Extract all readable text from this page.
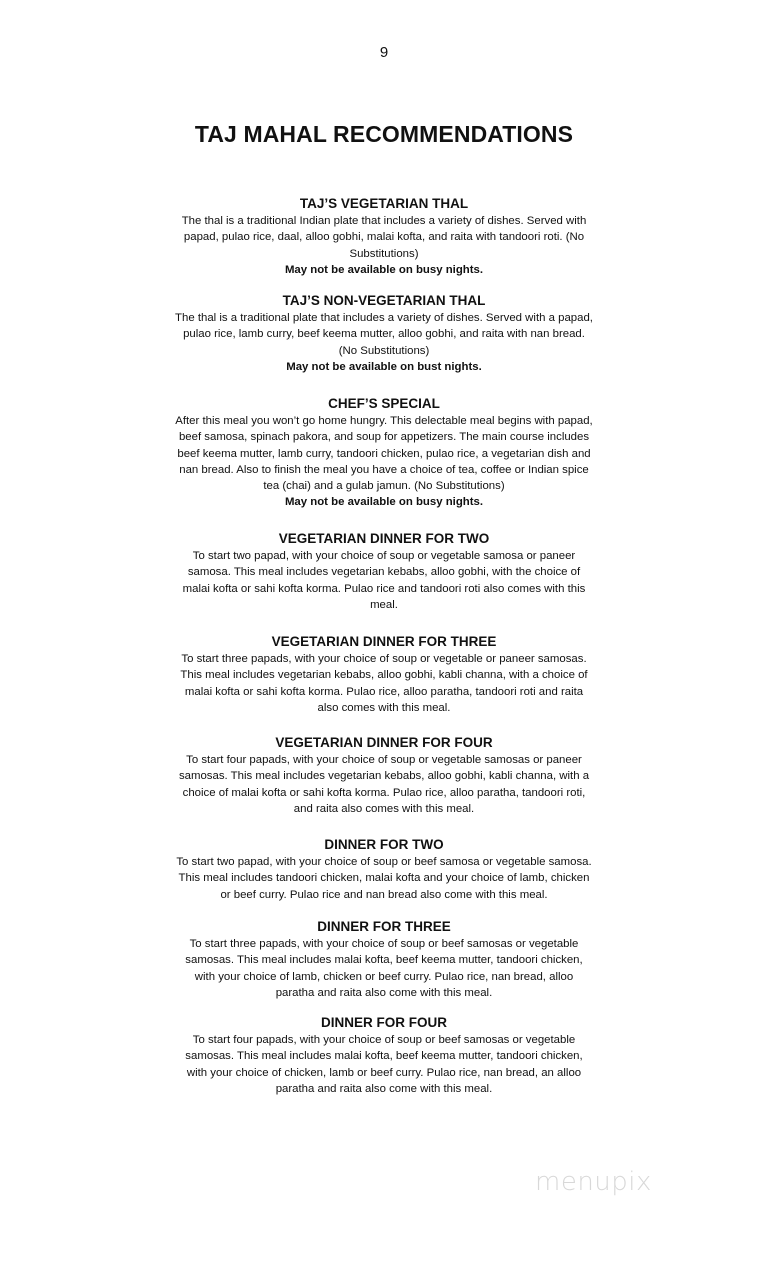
9
TAJ MAHAL RECOMMENDATIONS

TAJ’S VEGETARIAN THAL

The thal is a traditional Indian plate that includes a variety of dishes. Served with papad, pulao rice, daal, alloo gobhi, malai kofta, and raita with tandoori roti. (No Substitutions)

May not be available on busy nights.

TAJ’S NON-VEGETARIAN THAL

The thal is a traditional plate that includes a variety of dishes. Served with a papad, pulao rice, lamb curry, beef keema mutter, alloo gobhi, and raita with nan bread. (No Substitutions)

May not be available on bust nights.

CHEF’S SPECIAL

After this meal you won’t go home hungry. This delectable meal begins with papad, beef samosa, spinach pakora, and soup for appetizers. The main course includes beef keema mutter, lamb curry, tandoori chicken, pulao rice, a vegetarian dish and nan bread. Also to finish the meal you have a choice of tea, coffee or Indian spice tea (chai) and a gulab jamun. (No Substitutions)

May not be available on busy nights.

VEGETARIAN DINNER FOR TWO

To start two papad, with your choice of soup or vegetable samosa or paneer samosa. This meal includes vegetarian kebabs, alloo gobhi, with the choice of malai kofta or sahi kofta korma. Pulao rice and tandoori roti also comes with this meal.

VEGETARIAN DINNER FOR THREE

To start three papads, with your choice of soup or vegetable or paneer samosas. This meal includes vegetarian kebabs, alloo gobhi, kabli channa, with a choice of malai kofta or sahi kofta korma. Pulao rice, alloo paratha, tandoori roti and raita also comes with this meal.

VEGETARIAN DINNER FOR FOUR

To start four papads, with your choice of soup or vegetable samosas or paneer samosas. This meal includes vegetarian kebabs, alloo gobhi, kabli channa, with a choice of malai kofta or sahi kofta korma. Pulao rice, alloo paratha, tandoori roti, and raita also comes with this meal.

DINNER FOR TWO

To start two papad, with your choice of soup or beef samosa or vegetable samosa. This meal includes tandoori chicken, malai kofta and your choice of lamb, chicken or beef curry. Pulao rice and nan bread also come with this meal.

DINNER FOR THREE

To start three papads, with your choice of soup or beef samosas or vegetable samosas. This meal includes malai kofta, beef keema mutter, tandoori chicken, with your choice of lamb, chicken or beef curry. Pulao rice, nan bread, alloo paratha and raita also come with this meal.

DINNER FOR FOUR

To start four papads, with your choice of soup or beef samosas or vegetable samosas. This meal includes malai kofta, beef keema mutter, tandoori chicken, with your choice of chicken, lamb or beef curry. Pulao rice, nan bread, an alloo paratha and raita also come with this meal.

menupix
